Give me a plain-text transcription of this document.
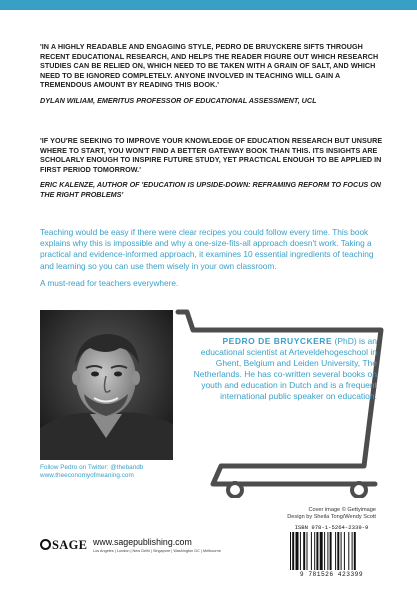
'IN A HIGHLY READABLE AND ENGAGING STYLE, PEDRO DE BRUYCKERE SIFTS THROUGH RECENT EDUCATIONAL RESEARCH, AND HELPS THE READER FIGURE OUT WHICH RESEARCH STUDIES CAN BE RELIED ON, WHICH NEED TO BE TAKEN WITH A GRAIN OF SALT, AND WHICH NEED TO BE IGNORED COMPLETELY. ANYONE INVOLVED IN TEACHING WILL GAIN A TREMENDOUS AMOUNT BY READING THIS BOOK.'

DYLAN WILIAM, EMERITUS PROFESSOR OF EDUCATIONAL ASSESSMENT, UCL

'IF YOU'RE SEEKING TO IMPROVE YOUR KNOWLEDGE OF EDUCATION RESEARCH BUT UNSURE WHERE TO START, YOU WON'T FIND A BETTER GATEWAY BOOK THAN THIS. ITS INSIGHTS ARE SCHOLARLY ENOUGH TO INSPIRE FUTURE STUDY, YET PRACTICAL ENOUGH TO BE APPLIED IN FIRST PERIOD TOMORROW.'

ERIC KALENZE, AUTHOR OF 'EDUCATION IS UPSIDE-DOWN: REFRAMING REFORM TO FOCUS ON THE RIGHT PROBLEMS'

Teaching would be easy if there were clear recipes you could follow every time. This book explains why this is impossible and why a one-size-fits-all approach doesn't work. Taking a practical and evidence-informed approach, it examines 10 essential ingredients of teaching and learning so you can use them wisely in your own classroom.

A must-read for teachers everywhere.

Follow Pedro on Twitter: @thebandb
www.theeconomyofmeaning.com

PEDRO DE BRUYCKERE (PhD) is an educational scientist at Arteveldehogeschool in Ghent, Belgium and Leiden University, The Netherlands. He has co-written several books on youth and education in Dutch and is a frequent international public speaker on education.

Cover image © Gettyimage
Design by Sheila Tong/Wendy Scott
ISBN 978-1-5264-2339-9
9 781526 423399
SAGE www.sagepublishing.com
Los Angeles | London | New Delhi | Singapore | Washington DC | Melbourne
